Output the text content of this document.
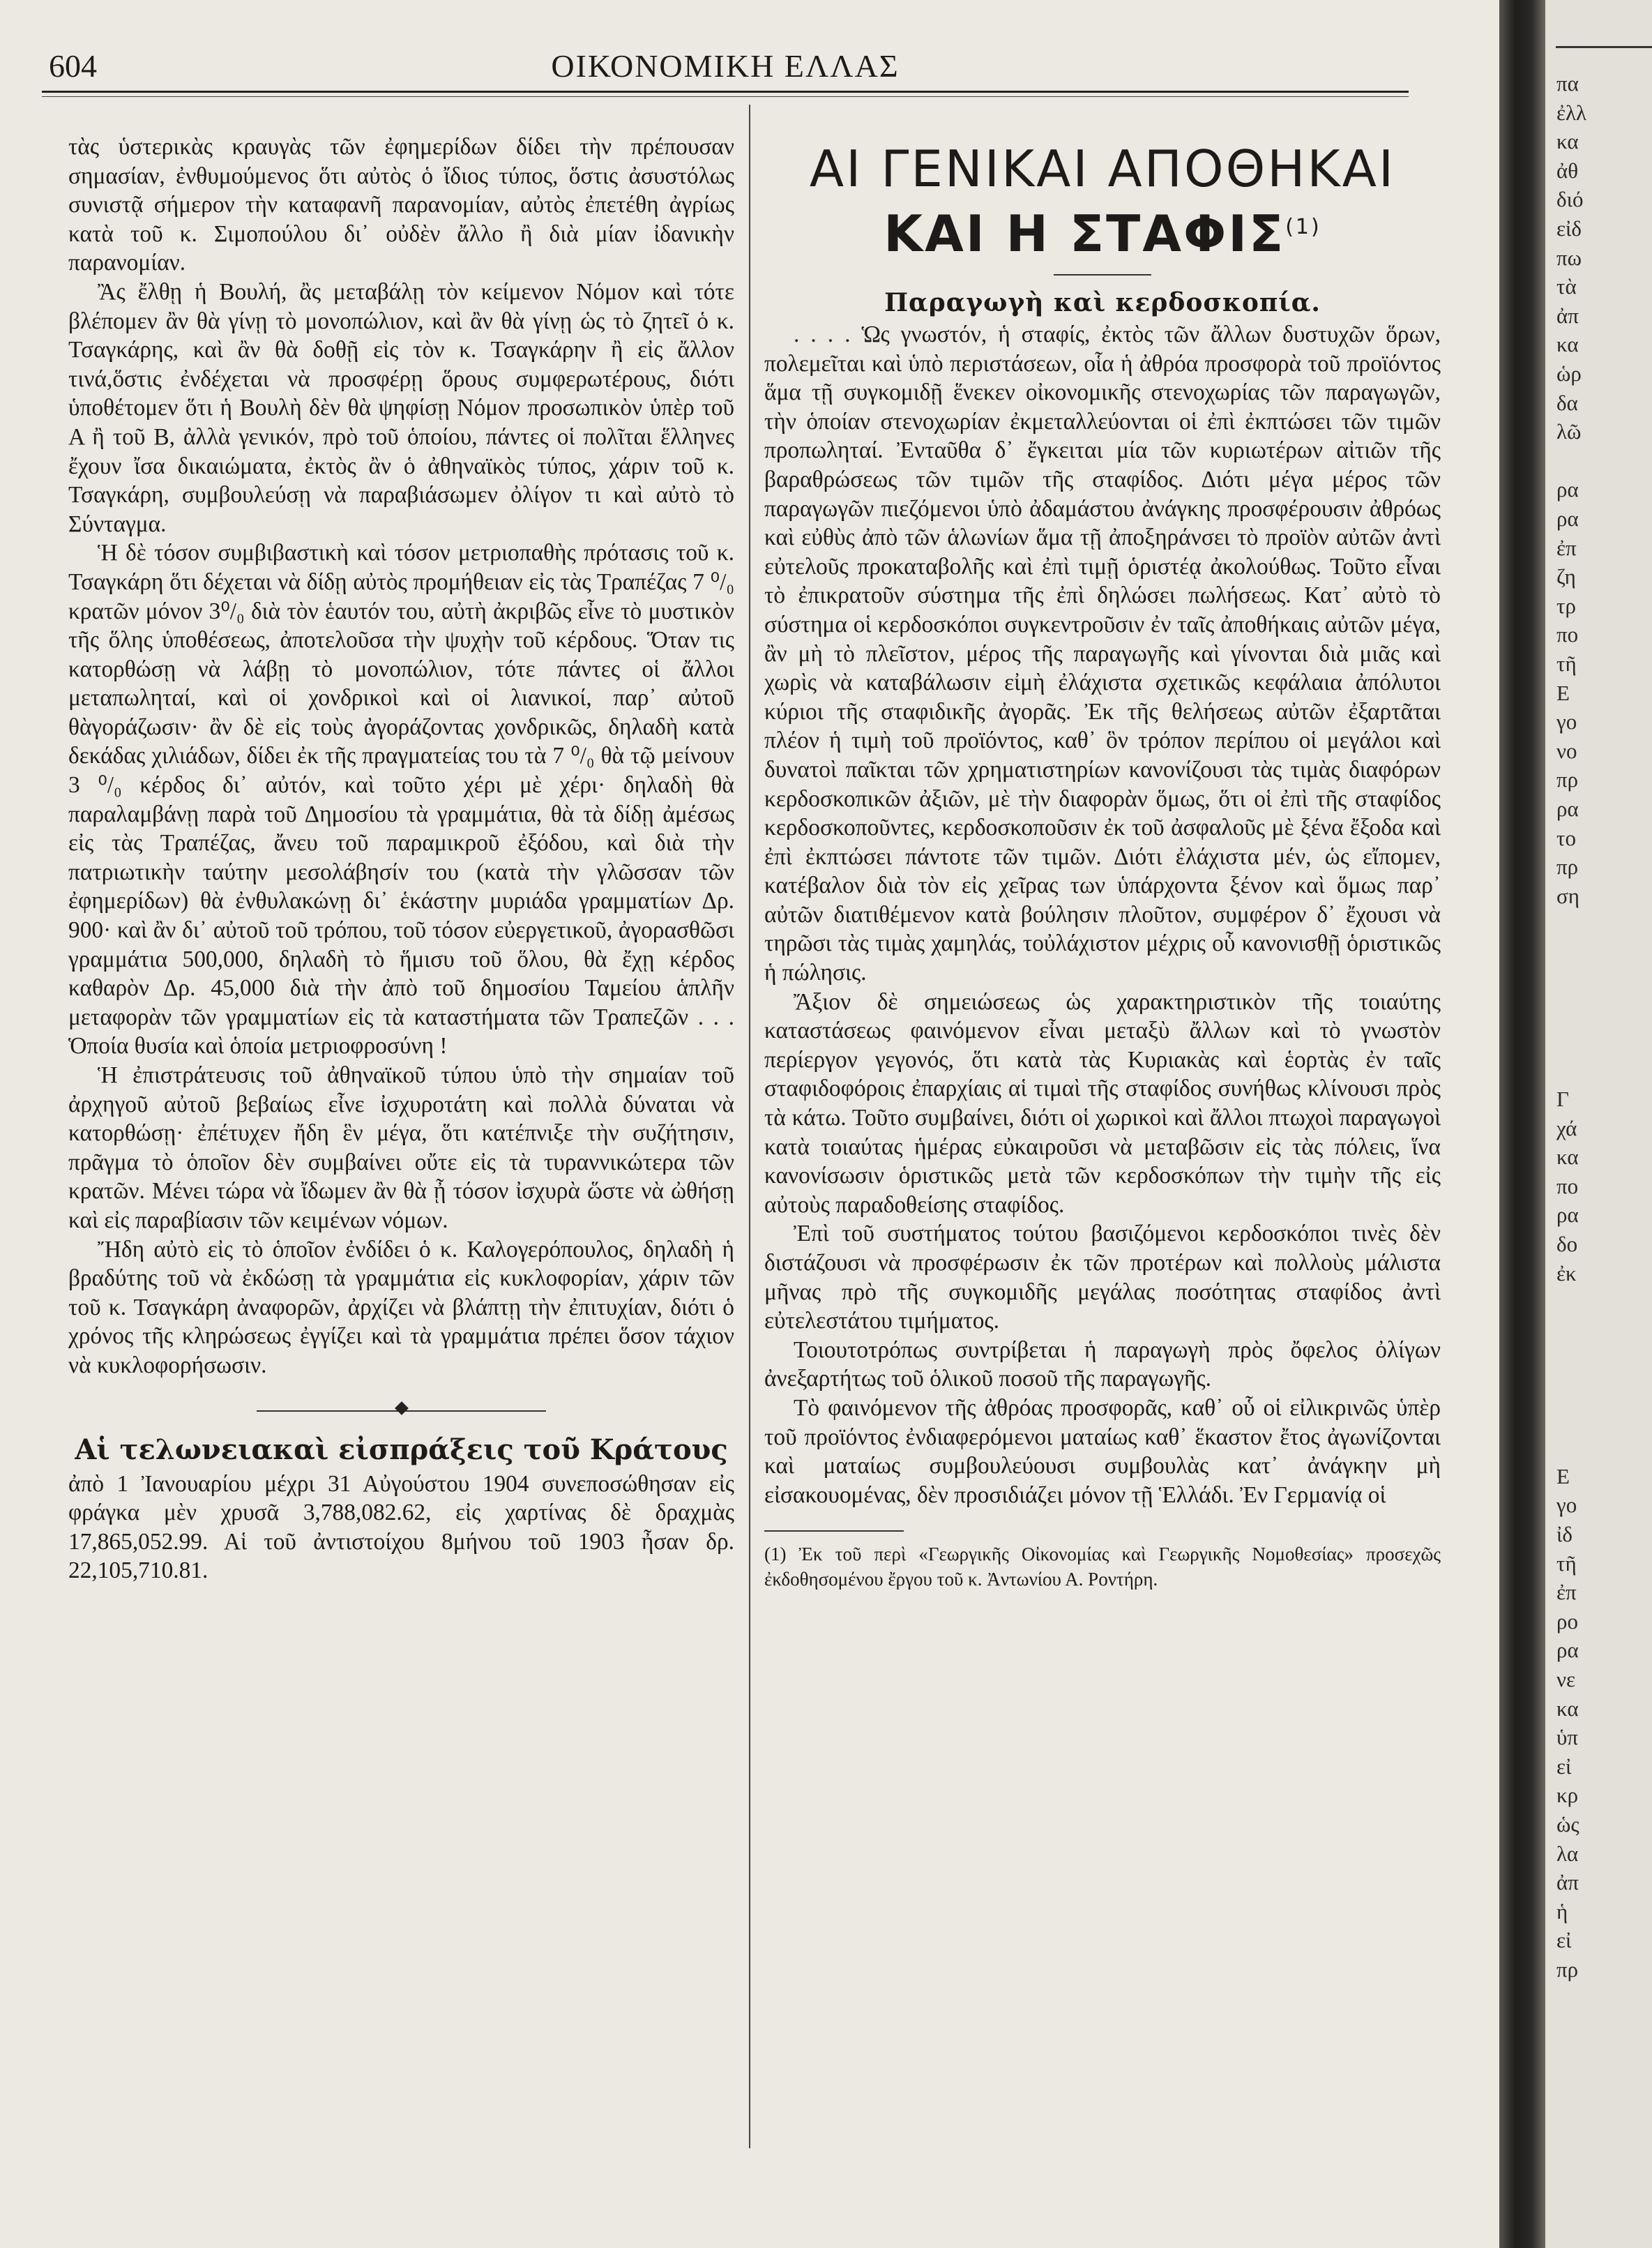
604	ΟΙΚΟΝΟΜΙΚΗ ΕΛΛΑΣ

τὰς ὑστερικὰς κραυγὰς τῶν ἐφημερίδων δίδει τὴν πρέπουσαν σημασίαν, ἐνθυμούμενος ὅτι αὐτὸς ὁ ἴδιος τύπος, ὅστις ἀσυστόλως συνιστᾷ σήμερον τὴν καταφανῆ παρανομίαν, αὐτὸς ἐπετέθη ἀγρίως κατὰ τοῦ κ. Σιμοπούλου δι᾿ οὐδὲν ἄλλο ἢ διὰ μίαν ἰδανικὴν παρανομίαν.

Ἂς ἔλθῃ ἡ Βουλή, ἂς μεταβάλῃ τὸν κείμενον Νόμον καὶ τότε βλέπομεν ἂν θὰ γίνῃ τὸ μονοπώλιον, καὶ ἂν θὰ γίνῃ ὡς τὸ ζητεῖ ὁ κ. Τσαγκάρης, καὶ ἂν θὰ δοθῇ εἰς τὸν κ. Τσαγκάρην ἢ εἰς ἄλλον τινά,ὅστις ἐνδέχεται νὰ προσφέρῃ ὅρους συμφερωτέρους, διότι ὑποθέτομεν ὅτι ἡ Βουλὴ δὲν θὰ ψηφίσῃ Νόμον προσωπικὸν ὑπὲρ τοῦ Α ἢ τοῦ Β, ἀλλὰ γενικόν, πρὸ τοῦ ὁποίου, πάντες οἱ πολῖται ἕλληνες ἔχουν ἴσα δικαιώματα, ἐκτὸς ἂν ὁ ἀθηναϊκὸς τύπος, χάριν τοῦ κ. Τσαγκάρη, συμβουλεύσῃ νὰ παραβιάσωμεν ὀλίγον τι καὶ αὐτὸ τὸ Σύνταγμα.

Ἡ δὲ τόσον συμβιβαστικὴ καὶ τόσον μετριοπαθὴς πρότασις τοῦ κ. Τσαγκάρη ὅτι δέχεται νὰ δίδῃ αὐτὸς προμήθειαν εἰς τὰς Τραπέζας 7 ⁰/₀ κρατῶν μόνον 3⁰/₀ διὰ τὸν ἑαυτόν του, αὐτὴ ἀκριβῶς εἶνε τὸ μυστικὸν τῆς ὅλης ὑποθέσεως, ἀποτελοῦσα τὴν ψυχὴν τοῦ κέρδους. Ὅταν τις κατορθώσῃ νὰ λάβῃ τὸ μονοπώλιον, τότε πάντες οἱ ἄλλοι μεταπωληταί, καὶ οἱ χονδρικοὶ καὶ οἱ λιανικοί, παρ᾿ αὐτοῦ θὰγοράζωσιν· ἂν δὲ εἰς τοὺς ἀγοράζοντας χονδρικῶς, δηλαδὴ κατὰ δεκάδας χιλιάδων, δίδει ἐκ τῆς πραγματείας του τὰ 7 ⁰/₀ θὰ τῷ μείνουν 3 ⁰/₀ κέρδος δι᾿ αὐτόν, καὶ τοῦτο χέρι μὲ χέρι· δηλαδὴ θὰ παραλαμβάνῃ παρὰ τοῦ Δημοσίου τὰ γραμμάτια, θὰ τὰ δίδῃ ἀμέσως εἰς τὰς Τραπέζας, ἄνευ τοῦ παραμικροῦ ἐξόδου, καὶ διὰ τὴν πατριωτικὴν ταύτην μεσολάβησίν του (κατὰ τὴν γλῶσσαν τῶν ἐφημερίδων) θὰ ἐνθυλακώνῃ δι᾿ ἑκάστην μυριάδα γραμματίων Δρ. 900· καὶ ἂν δι᾿ αὐτοῦ τοῦ τρόπου, τοῦ τόσον εὐεργετικοῦ, ἀγορασθῶσι γραμμάτια 500,000, δηλαδὴ τὸ ἥμισυ τοῦ ὅλου, θὰ ἔχῃ κέρδος καθαρὸν Δρ. 45,000 διὰ τὴν ἀπὸ τοῦ δημοσίου Ταμείου ἁπλῆν μεταφορὰν τῶν γραμματίων εἰς τὰ καταστήματα τῶν Τραπεζῶν . . . Ὁποία θυσία καὶ ὁποία μετριοφροσύνη !

Ἡ ἐπιστράτευσις τοῦ ἀθηναϊκοῦ τύπου ὑπὸ τὴν σημαίαν τοῦ ἀρχηγοῦ αὐτοῦ βεβαίως εἶνε ἰσχυροτάτη καὶ πολλὰ δύναται νὰ κατορθώσῃ· ἐπέτυχεν ἤδη ἓν μέγα, ὅτι κατέπνιξε τὴν συζήτησιν, πρᾶγμα τὸ ὁποῖον δὲν συμβαίνει οὔτε εἰς τὰ τυραννικώτερα τῶν κρατῶν. Μένει τώρα νὰ ἴδωμεν ἂν θὰ ᾖ τόσον ἰσχυρὰ ὥστε νὰ ὠθήσῃ καὶ εἰς παραβίασιν τῶν κειμένων νόμων.

Ἤδη αὐτὸ εἰς τὸ ὁποῖον ἐνδίδει ὁ κ. Καλογερόπουλος, δηλαδὴ ἡ βραδύτης τοῦ νὰ ἐκδώσῃ τὰ γραμμάτια εἰς κυκλοφορίαν, χάριν τῶν τοῦ κ. Τσαγκάρη ἀναφορῶν, ἀρχίζει νὰ βλάπτῃ τὴν ἐπιτυχίαν, διότι ὁ χρόνος τῆς κληρώσεως ἐγγίζει καὶ τὰ γραμμάτια πρέπει ὅσον τάχιον νὰ κυκλοφορήσωσιν.

Αἱ τελωνειακαὶ εἰσπράξεις τοῦ Κράτους

ἀπὸ 1 Ἰανουαρίου μέχρι 31 Αὐγούστου 1904 συνεποσώθησαν εἰς φράγκα μὲν χρυσᾶ 3,788,082.62, εἰς χαρτίνας δὲ δραχμὰς 17,865,052.99. Αἱ τοῦ ἀντιστοίχου 8μήνου τοῦ 1903 ἦσαν δρ. 22,105,710.81.

ΑΙ ΓΕΝΙΚΑΙ ΑΠΟΘΗΚΑΙ

ΚΑΙ Η ΣΤΑΦΙΣ$^{(1)}$

Παραγωγὴ καὶ κερδοσκοπία.

. . . . Ὡς γνωστόν, ἡ σταφίς, ἐκτὸς τῶν ἄλλων δυστυχῶν ὅρων, πολεμεῖται καὶ ὑπὸ περιστάσεων, οἷα ἡ ἀθρόα προσφορὰ τοῦ προϊόντος ἅμα τῇ συγκομιδῇ ἕνεκεν οἰκονομικῆς στενοχωρίας τῶν παραγωγῶν, τὴν ὁποίαν στενοχωρίαν ἐκμεταλλεύονται οἱ ἐπὶ ἐκπτώσει τῶν τιμῶν προπωληταί. Ἐνταῦθα δ᾿ ἔγκειται μία τῶν κυριωτέρων αἰτιῶν τῆς βαραθρώσεως τῶν τιμῶν τῆς σταφίδος. Διότι μέγα μέρος τῶν παραγωγῶν πιεζόμενοι ὑπὸ ἀδαμάστου ἀνάγκης προσφέρουσιν ἀθρόως καὶ εὐθὺς ἀπὸ τῶν ἁλωνίων ἅμα τῇ ἀποξηράνσει τὸ προϊὸν αὐτῶν ἀντὶ εὐτελοῦς προκαταβολῆς καὶ ἐπὶ τιμῇ ὁριστέᾳ ἀκολούθως. Τοῦτο εἶναι τὸ ἐπικρατοῦν σύστημα τῆς ἐπὶ δηλώσει πωλήσεως. Κατ᾿ αὐτὸ τὸ σύστημα οἱ κερδοσκόποι συγκεντροῦσιν ἐν ταῖς ἀποθήκαις αὐτῶν μέγα, ἂν μὴ τὸ πλεῖστον, μέρος τῆς παραγωγῆς καὶ γίνονται διὰ μιᾶς καὶ χωρὶς νὰ καταβάλωσιν εἰμὴ ἐλάχιστα σχετικῶς κεφάλαια ἀπόλυτοι κύριοι τῆς σταφιδικῆς ἀγορᾶς. Ἐκ τῆς θελήσεως αὐτῶν ἐξαρτᾶται πλέον ἡ τιμὴ τοῦ προϊόντος, καθ᾿ ὃν τρόπον περίπου οἱ μεγάλοι καὶ δυνατοὶ παῖκται τῶν χρηματιστηρίων κανονίζουσι τὰς τιμὰς διαφόρων κερδοσκοπικῶν ἀξιῶν, μὲ τὴν διαφορὰν ὅμως, ὅτι οἱ ἐπὶ τῆς σταφίδος κερδοσκοποῦντες, κερδοσκοποῦσιν ἐκ τοῦ ἀσφαλοῦς μὲ ξένα ἔξοδα καὶ ἐπὶ ἐκπτώσει πάντοτε τῶν τιμῶν. Διότι ἐλάχιστα μέν, ὡς εἴπομεν, κατέβαλον διὰ τὸν εἰς χεῖρας των ὑπάρχοντα ξένον καὶ ὅμως παρ᾿ αὐτῶν διατιθέμενον κατὰ βούλησιν πλοῦτον, συμφέρον δ᾿ ἔχουσι νὰ τηρῶσι τὰς τιμὰς χαμηλάς, τοὐλάχιστον μέχρις οὗ κανονισθῇ ὁριστικῶς ἡ πώλησις.

Ἄξιον δὲ σημειώσεως ὡς χαρακτηριστικὸν τῆς τοιαύτης καταστάσεως φαινόμενον εἶναι μεταξὺ ἄλλων καὶ τὸ γνωστὸν περίεργον γεγονός, ὅτι κατὰ τὰς Κυριακὰς καὶ ἑορτὰς ἐν ταῖς σταφιδοφόροις ἐπαρχίαις αἱ τιμαὶ τῆς σταφίδος συνήθως κλίνουσι πρὸς τὰ κάτω. Τοῦτο συμβαίνει, διότι οἱ χωρικοὶ καὶ ἄλλοι πτωχοὶ παραγωγοὶ κατὰ τοιαύτας ἡμέρας εὐκαιροῦσι νὰ μεταβῶσιν εἰς τὰς πόλεις, ἵνα κανονίσωσιν ὁριστικῶς μετὰ τῶν κερδοσκόπων τὴν τιμὴν τῆς εἰς αὐτοὺς παραδοθείσης σταφίδος.

Ἐπὶ τοῦ συστήματος τούτου βασιζόμενοι κερδοσκόποι τινὲς δὲν διστάζουσι νὰ προσφέρωσιν ἐκ τῶν προτέρων καὶ πολλοὺς μάλιστα μῆνας πρὸ τῆς συγκομιδῆς μεγάλας ποσότητας σταφίδος ἀντὶ εὐτελεστάτου τιμήματος.

Τοιουτοτρόπως συντρίβεται ἡ παραγωγὴ πρὸς ὄφελος ὀλίγων ἀνεξαρτήτως τοῦ ὁλικοῦ ποσοῦ τῆς παραγωγῆς.

Τὸ φαινόμενον τῆς ἀθρόας προσφορᾶς, καθ᾿ οὗ οἱ εἰλικρινῶς ὑπὲρ τοῦ προϊόντος ἐνδιαφερόμενοι ματαίως καθ᾿ ἕκαστον ἔτος ἀγωνίζονται καὶ ματαίως συμβουλεύουσι συμβουλὰς κατ᾿ ἀνάγκην μὴ εἰσακουομένας, δὲν προσιδιάζει μόνον τῇ Ἑλλάδι. Ἐν Γερμανίᾳ οἱ

(1) Ἐκ τοῦ περὶ «Γεωργικῆς Οἰκονομίας καὶ Γεωργικῆς Νομοθεσίας» προσεχῶς ἐκδοθησομένου ἔργου τοῦ κ. Ἀντωνίου Α. Ροντήρη.

πα
ἐλλ
κα
ἀθ
διό
εἰδ
πω
τὰ
ἀπ
κα
ὡρ
δα
λῶ
ρα
ρα
ἐπ
ζη
τρ
πο
τῆ
Ε
γο
νο
πρ
ρα
το
πρ
ση
Γ
χά
κα
πο
ρα
δο
ἐκ
Ε
γο
ἰδ
τῆ
ἐπ
ρο
ρα
νε
κα
ὑπ
εἰ
κρ
ὡς
λα
ἀπ
ἡ
εἰ
πρ
